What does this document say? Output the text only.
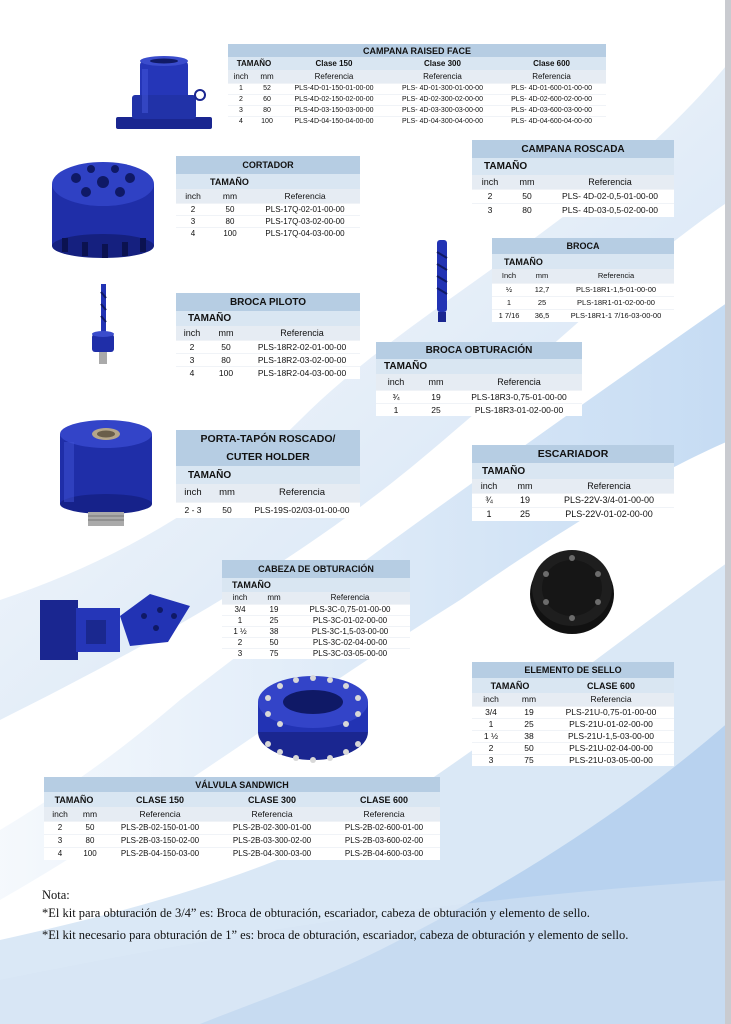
CAMPANA RAISED FACE				
TAMAÑO		Clase 150	Clase 300	Clase 600
inch	mm	Referencia	Referencia	Referencia
1	52	PLS-4D-01-150-01-00-00	PLS- 4D-01-300-01-00-00	PLS- 4D-01-600-01-00-00
2	60	PLS-4D-02-150-02-00-00	PLS- 4D-02-300-02-00-00	PLS- 4D-02-600-02-00-00
3	80	PLS-4D-03-150-03-00-00	PLS- 4D-03-300-03-00-00	PLS- 4D-03-600-03-00-00
4	100	PLS-4D-04-150-04-00-00	PLS- 4D-04-300-04-00-00	PLS- 4D-04-600-04-00-00
CORTADOR		
TAMAÑO		
inch	mm	Referencia
2	50	PLS-17Q-02-01-00-00
3	80	PLS-17Q-03-02-00-00
4	100	PLS-17Q-04-03-00-00
CAMPANA ROSCADA		
TAMAÑO		
inch	mm	Referencia
2	50	PLS- 4D-02-0,5-01-00-00
3	80	PLS- 4D-03-0,5-02-00-00
BROCA		
TAMAÑO		
Inch	mm	Referencia
½	12,7	PLS-18R1-1,5-01-00-00
1	25	PLS-18R1-01-02-00-00
1 7/16	36,5	PLS-18R1-1 7/16-03-00-00
BROCA PILOTO		
TAMAÑO		
inch	mm	Referencia
2	50	PLS-18R2-02-01-00-00
3	80	PLS-18R2-03-02-00-00
4	100	PLS-18R2-04-03-00-00
BROCA OBTURACIÓN		
TAMAÑO		
inch	mm	Referencia
¾	19	PLS-18R3-0,75-01-00-00
1	25	PLS-18R3-01-02-00-00
PORTA-TAPÓN ROSCADO/		
CUTER HOLDER		
TAMAÑO		
inch	mm	Referencia
2 - 3	50	PLS-19S-02/03-01-00-00
ESCARIADOR		
TAMAÑO		
inch	mm	Referencia
¾	19	PLS-22V-3/4-01-00-00
1	25	PLS-22V-01-02-00-00
CABEZA DE OBTURACIÓN		
TAMAÑO		
inch	mm	Referencia
3/4	19	PLS-3C-0,75-01-00-00
1	25	PLS-3C-01-02-00-00
1 ½	38	PLS-3C-1,5-03-00-00
2	50	PLS-3C-02-04-00-00
3	75	PLS-3C-03-05-00-00
ELEMENTO DE SELLO		
TAMAÑO		CLASE 600
inch	mm	Referencia
3/4	19	PLS-21U-0,75-01-00-00
1	25	PLS-21U-01-02-00-00
1 ½	38	PLS-21U-1,5-03-00-00
2	50	PLS-21U-02-04-00-00
3	75	PLS-21U-03-05-00-00
VÁLVULA SANDWICH				
TAMAÑO		CLASE 150	CLASE 300	CLASE 600
inch	mm	Referencia	Referencia	Referencia
2	50	PLS-2B-02-150-01-00	PLS-2B-02-300-01-00	PLS-2B-02-600-01-00
3	80	PLS-2B-03-150-02-00	PLS-2B-03-300-02-00	PLS-2B-03-600-02-00
4	100	PLS-2B-04-150-03-00	PLS-2B-04-300-03-00	PLS-2B-04-600-03-00

Nota:

*El kit para obturación de 3/4” es: Broca de obturación, escariador, cabeza de obturación y elemento de sello.

*El kit necesario para obturación de 1” es: broca de obturación, escariador, cabeza de obturación y elemento de sello.
